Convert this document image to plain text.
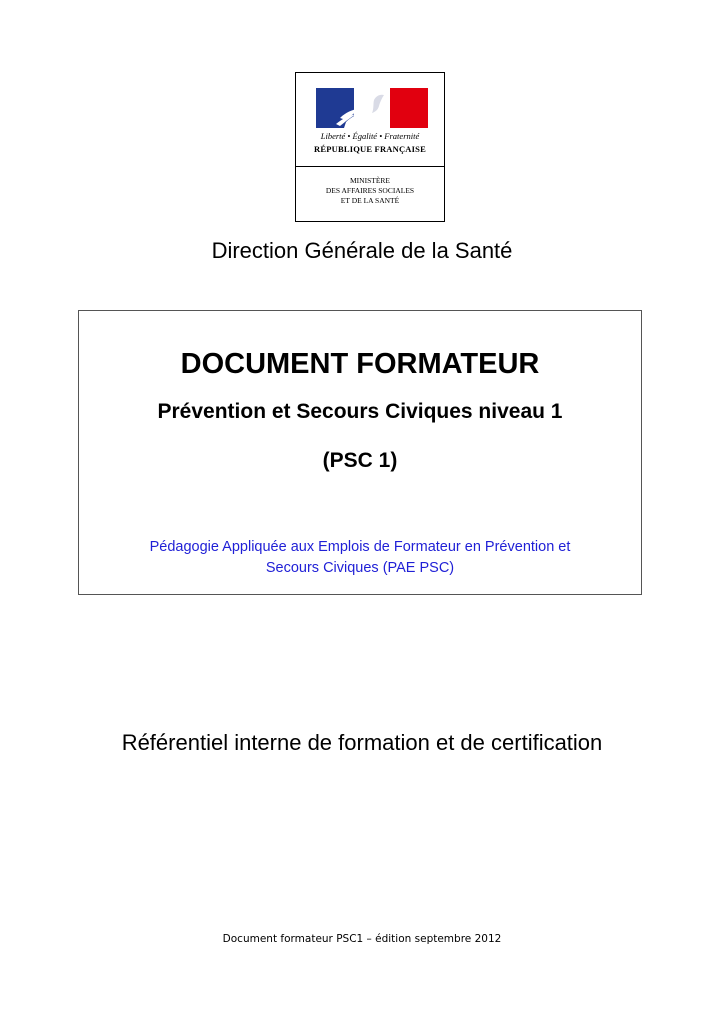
Liberté • Égalité • Fraternité
RÉPUBLIQUE FRANÇAISE
MINISTÈRE
DES AFFAIRES SOCIALES
ET DE LA SANTÉ
Direction Générale de la Santé
DOCUMENT FORMATEUR
Prévention et Secours Civiques niveau 1
(PSC 1)
Pédagogie Appliquée aux Emplois de Formateur en Prévention et
Secours Civiques (PAE PSC)
Référentiel interne de formation et de certification
Document formateur PSC1 – édition septembre 2012
